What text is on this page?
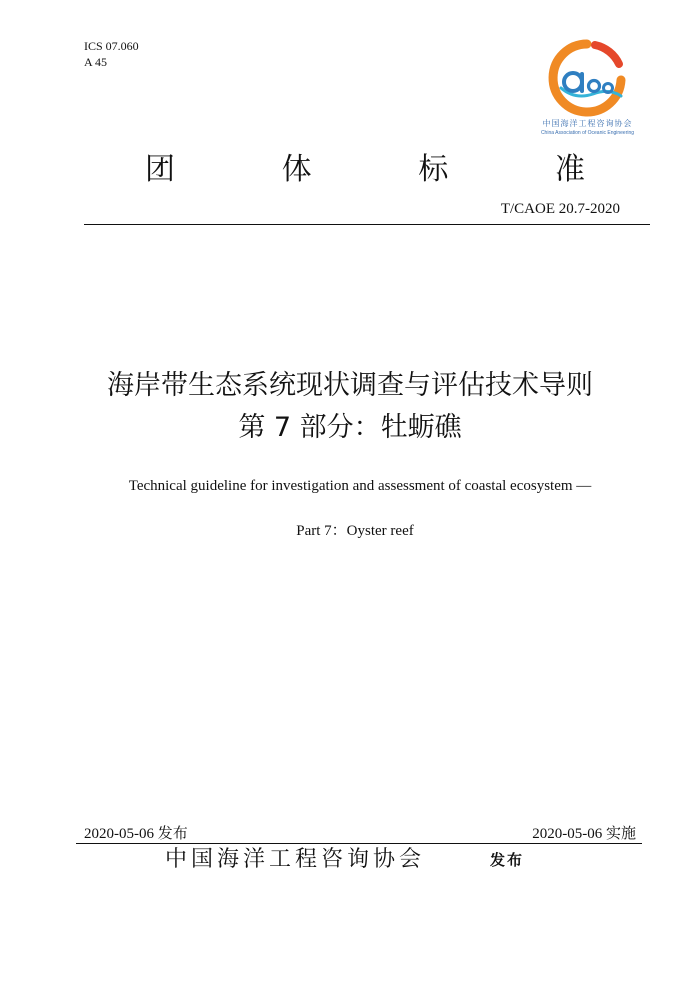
ICS 07.060
A 45
中国海洋工程咨询协会
China Association of Oceanic Engineering
团	体	标	准
T/CAOE 20.7-2020
海岸带生态系统现状调查与评估技术导则
第 7 部分：牡蛎礁
Technical guideline for investigation and assessment of coastal ecosystem —
Part 7：Oyster reef
2020-05-06 发布	2020-05-06 实施
中国海洋工程咨询协会	发布
